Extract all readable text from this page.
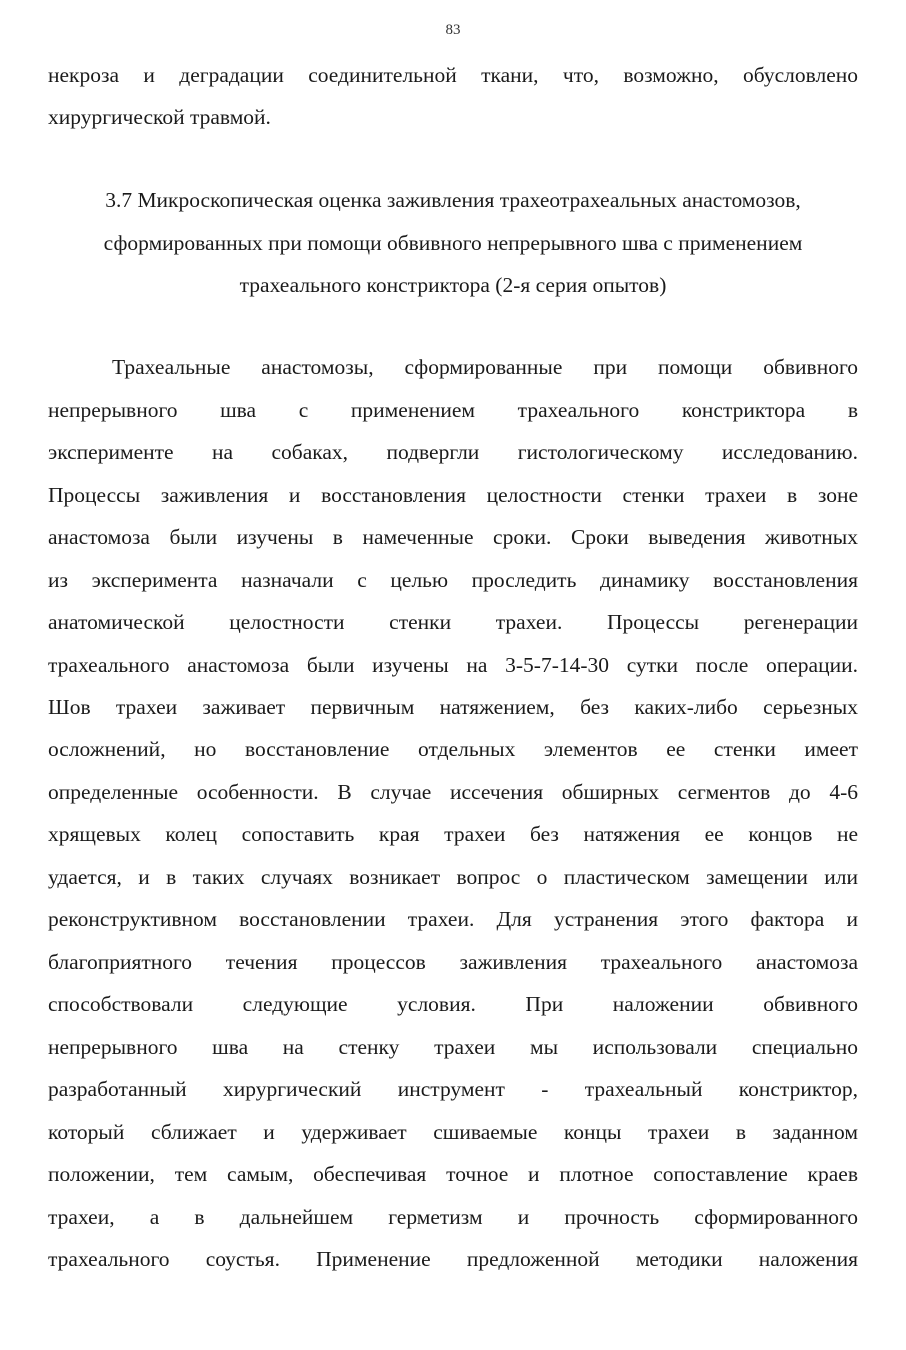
83
некроза и деградации соединительной ткани, что, возможно, обусловлено
хирургической травмой.
3.7 Микроскопическая оценка заживления трахеотрахеальных анастомозов,
сформированных при помощи обвивного непрерывного шва с применением
трахеального констриктора (2-я серия опытов)
Трахеальные анастомозы, сформированные при помощи обвивного
непрерывного шва с применением трахеального констриктора в
эксперименте на собаках, подвергли гистологическому исследованию.
Процессы заживления и восстановления целостности стенки трахеи в зоне
анастомоза были изучены в намеченные сроки. Сроки выведения животных
из эксперимента назначали с целью проследить динамику восстановления
анатомической целостности стенки трахеи. Процессы регенерации
трахеального анастомоза были изучены на 3-5-7-14-30 сутки после операции.
Шов трахеи заживает первичным натяжением, без каких-либо серьезных
осложнений, но восстановление отдельных элементов ее стенки имеет
определенные особенности. В случае иссечения обширных сегментов до 4-6
хрящевых колец сопоставить края трахеи без натяжения ее концов не
удается, и в таких случаях возникает вопрос о пластическом замещении или
реконструктивном восстановлении трахеи. Для устранения этого фактора и
благоприятного течения процессов заживления трахеального анастомоза
способствовали следующие условия. При наложении обвивного
непрерывного шва на стенку трахеи мы использовали специально
разработанный хирургический инструмент - трахеальный констриктор,
который сближает и удерживает сшиваемые концы трахеи в заданном
положении, тем самым, обеспечивая точное и плотное сопоставление краев
трахеи, а в дальнейшем герметизм и прочность сформированного
трахеального соустья. Применение предложенной методики наложения
